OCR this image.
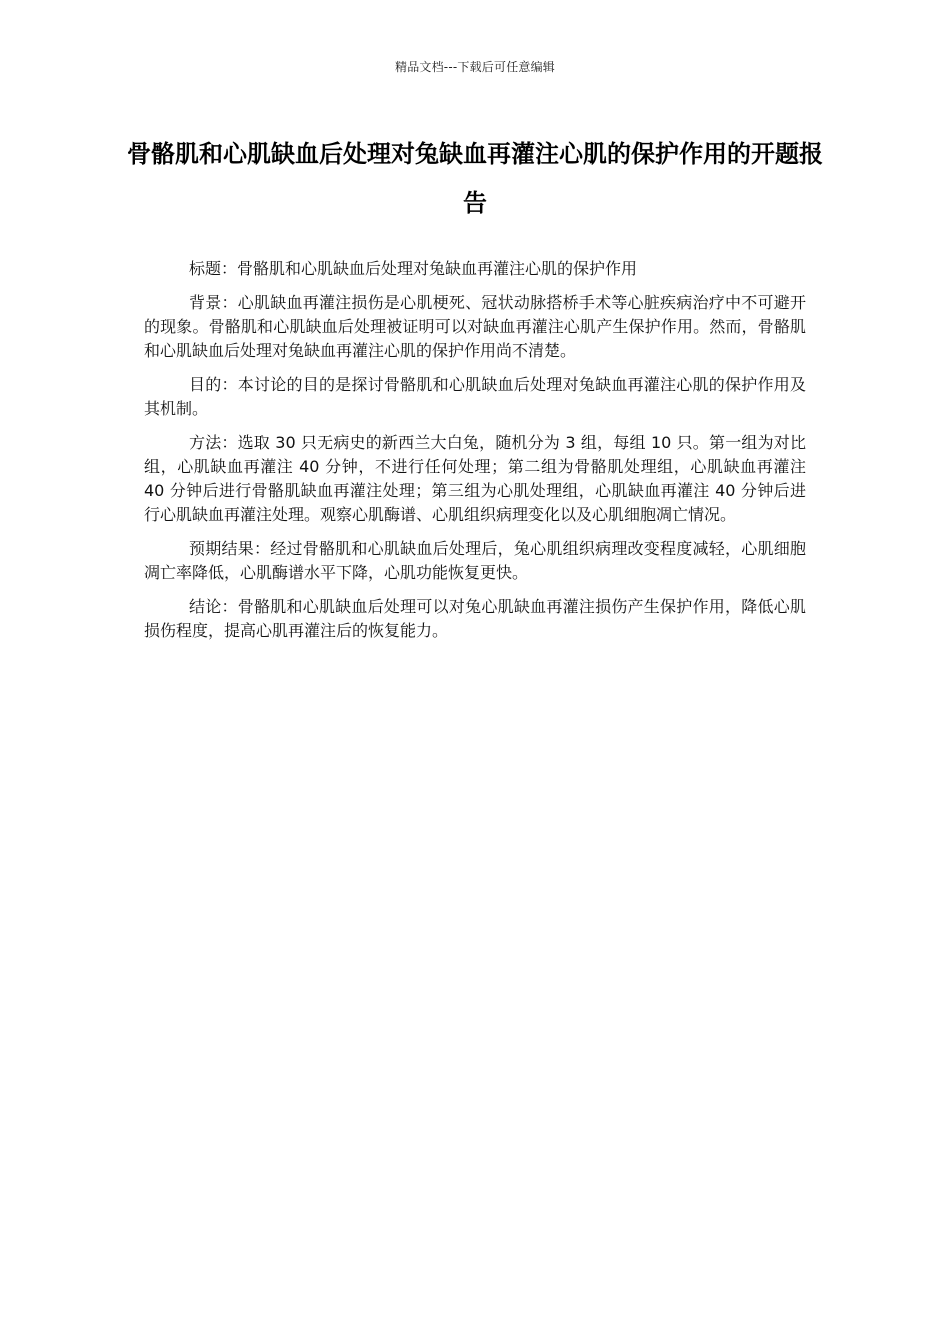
精品文档---下载后可任意编辑
骨骼肌和心肌缺血后处理对兔缺血再灌注心肌的保护作用的开题报告

标题：骨骼肌和心肌缺血后处理对兔缺血再灌注心肌的保护作用

背景：心肌缺血再灌注损伤是心肌梗死、冠状动脉搭桥手术等心脏疾病治疗中不可避开的现象。骨骼肌和心肌缺血后处理被证明可以对缺血再灌注心肌产生保护作用。然而，骨骼肌和心肌缺血后处理对兔缺血再灌注心肌的保护作用尚不清楚。

目的：本讨论的目的是探讨骨骼肌和心肌缺血后处理对兔缺血再灌注心肌的保护作用及其机制。

方法：选取 30 只无病史的新西兰大白兔，随机分为 3 组，每组 10 只。第一组为对比组，心肌缺血再灌注 40 分钟，不进行任何处理；第二组为骨骼肌处理组，心肌缺血再灌注 40 分钟后进行骨骼肌缺血再灌注处理；第三组为心肌处理组，心肌缺血再灌注 40 分钟后进行心肌缺血再灌注处理。观察心肌酶谱、心肌组织病理变化以及心肌细胞凋亡情况。

预期结果：经过骨骼肌和心肌缺血后处理后，兔心肌组织病理改变程度减轻，心肌细胞凋亡率降低，心肌酶谱水平下降，心肌功能恢复更快。

结论：骨骼肌和心肌缺血后处理可以对兔心肌缺血再灌注损伤产生保护作用，降低心肌损伤程度，提高心肌再灌注后的恢复能力。
